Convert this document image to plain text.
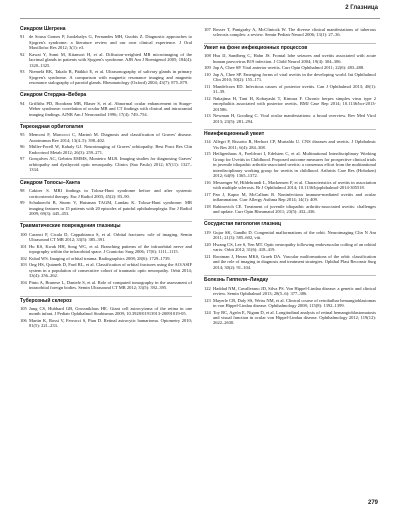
2 Глазница
Синдром Шегрена
91 de Sousa Gomes P, Juodzbalys G, Fernandes MH, Guobis Z. Diagnostic approaches to Sjogren's syndrome: a literature review and our own clinical experience. J Oral Maxillofac Res 2012; 3(1): e3.
92 Kawai Y, Sumi M, Kitamori H, et al. Diffusion-weighted MR microimaging of the lacrimal glands in patients with Sjogren's syndrome. AJR Am J Roentgenol 2005; 184(4): 1320–1325.
93 Niemelä RK, Takalo R, Pääkkö E, et al. Ultrasonography of salivary glands in primary Sjogren's syndrome. A comparison with magnetic resonance imaging and magnetic resonance sialography of parotid glands. Rheumatology (Oxford) 2004; 43(7): 875–879.
Синдром Стерджа–Вебера
94 Griffiths PD, Boodram MB, Blaser S, et al. Abnormal ocular enhancement in Sturge-Weber syndrome: correlation of ocular MR and CT findings with clinical and intracranial imaging findings. AJNR Am J Neuroradiol 1996; 17(4): 749–754.
Тиреоидная орбитопатия
95 Menconi F, Marcocci C, Marinò M. Diagnosis and classification of Graves' disease. Autoimmun Rev 2014; 13(4–5): 398–402.
96 Müller-Forell W, Kahaly GJ. Neuroimaging of Graves' orbitopathy. Best Pract Res Clin Endocrinol Metab 2012; 26(3): 259–271.
97 Gonçalves AC, Gebrim EMMS, Monteiro MLR. Imaging studies for diagnosing Graves' orbitopathy and dysthyroid optic neuropathy. Clinics (Sao Paulo) 2012; 67(11): 1327–1334.
Синдром Толосы–Ханта
98 Cakirer S. MRI findings in Tolosa-Hunt syndrome before and after systemic corticosteroid therapy. Eur J Radiol 2003; 45(2): 83–90.
99 Schuknecht B, Sturm V, Huisman TAGM, Landau K. Tolosa-Hunt syndrome: MR imaging features in 15 patients with 20 episodes of painful ophthalmoplegia. Eur J Radiol 2009; 69(3): 445–453.
Травматические повреждения глазницы
100 Caranci F, Cicala D, Cappabianca S, et al. Orbital fractures: role of imaging. Semin Ultrasound CT MR 2012; 33(5): 385–391.
101 Hu KS, Kwak HH, Song WC, et al. Branching patterns of the infraorbital nerve and topography within the infraorbital space. J Craniofac Surg 2006; 17(6): 1111–1115.
102 Kubal WS. Imaging of orbital trauma. Radiographics 2008; 28(6): 1729–1739.
103 Ong HS, Qutaneh D, Fard RL, et al. Classification of orbital fractures using the AO/ASIF system in a population of consecutive cohort of traumatic optic neuropathy. Orbit 2014; 33(4): 256–262.
104 Pinto A, Brunese L, Daniele S, et al. Role of computed tomography in the assessment of intraorbital foreign bodies. Semin Ultrasound CT MR 2012; 33(5): 392–395.
Туберозный склероз
105 Jung CS, Hubbard GB, Grossniklaus HE. Giant cell astrocytoma of the retina in one month infant. J Pediatr Ophthalmol Strabismus 2009; 10.3928/01913913-20091019-05.
106 Martin K, Rossi V, Ferrucci S, Pian D. Retinal astrocytic hamartoma. Optometry 2010; 81(5): 221–233.
107 Rosser T, Panigrahy A, McClintock W. The diverse clinical manifestations of tuberous sclerosis complex: a review. Semin Pediatr Neurol 2006; 13(1): 27–36.
Увеит на фоне инфекционных процессов
108 Hsu IJ, Sandberg C, Hahn JS. Frontal lobe seizures and uveitis associated with acute human parvovirus B19 infection. J Child Neurol 2004; 19(4): 304–306.
109 Jap A, Chee SP. Viral anterior uveitis. Curr Opin Ophthalmol 2011; 22(6): 483–488.
110 Jap A, Chee SP. Emerging forms of viral uveitis in the developing world. Int Ophthalmol Clin 2010; 50(2): 155–171.
111 Mandelcorn ED. Infectious causes of posterior uveitis. Can J Ophthalmol 2013; 48(1): 31–39.
112 Nakajima H, Tani H, Kobayashi T, Kimura F. Chronic herpes simplex virus type 2 encephalitis associated with posterior uveitis. BMJ Case Rep 2014; 10.1136/bcr-2013-201586.
113 Newman H, Gooding C. Viral ocular manifestations: a broad overview. Rev Med Virol 2013; 23(5): 281–294.
Неинфекционный увеит
114 Allegri P, Rissotto R, Herbort CP, Murialdo U. CNS diseases and uveitis. J Ophthalmic Vis Res 2011; 6(4): 284–308.
115 Heiligenhaus A, Foeldvari I, Edelsten C, et al. Multinational Interdisciplinary Working Group for Uveitis in Childhood. Proposed outcome measures for prospective clinical trials in juvenile idiopathic arthritis-associated uveitis: a consensus effort from the multinational interdisciplinary working group for uveitis in childhood. Arthritis Care Res (Hoboken) 2012; 64(9): 1365–1372.
116 Messenger W, Hildebrandt L, Mackensen F, et al. Characteristics of uveitis in association with multiple sclerosis. Br J Ophthalmol 2014; 10.1136/bjophthalmol-2014-305518.
117 Pan J, Kapur M, McCallum R. Noninfectious immune-mediated uveitis and ocular inflammation. Curr Allergy Asthma Rep 2014; 14(1): 409.
118 Rabinovich CE. Treatment of juvenile idiopathic arthritis-associated uveitis: challenges and update. Curr Opin Rheumatol 2011; 23(5): 432–436.
Сосудистая патология глазниц
119 Gujar SK, Gandhi D. Congenital malformations of the orbit. Neuroimaging Clin N Am 2011; 21(3): 585–602, viii.
120 Hwang CS, Lee S, Yen MT. Optic neuropathy following endovascular coiling of an orbital varix. Orbit 2012; 31(6): 418–419.
121 Rootman J, Heran MKS, Graeb DA. Vascular malformations of the orbit: classification and the role of imaging in diagnosis and treatment strategies. Ophthal Plast Reconstr Surg 2014; 30(2): 91–104.
Болезнь Гиппеля–Линдау
122 Haddad NM, Cavallerano JD, Silva PS. Von Hippel-Lindau disease: a genetic and clinical review. Semin Ophthalmol 2013; 28(5–6): 377–386.
123 Mayerle CB, Daly SS, Weiss NM, et al. Clinical course of retrobulbar hemangioblastomas in von Hippel-Lindau disease. Ophthalmology 2008; 115(8): 1392–1399.
124 Toy BC, Agrón E, Nigam D, et al. Longitudinal analysis of retinal hemangioblastomatosis and visual function in ocular von Hippel-Lindau disease. Ophthalmology 2012; 119(12): 2622–2630.
279
